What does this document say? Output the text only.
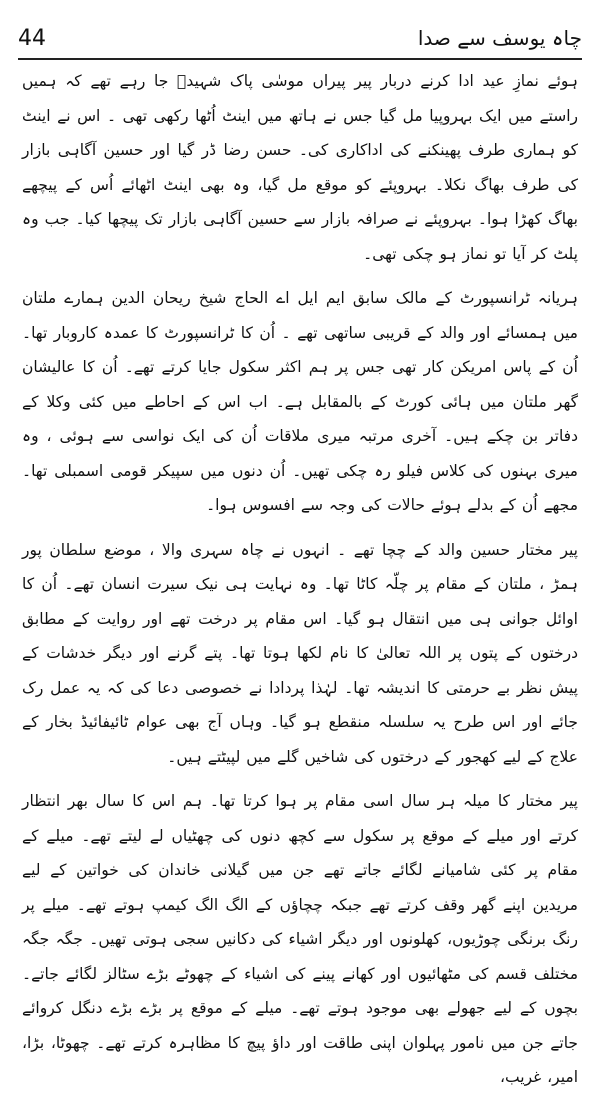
44	چاہ یوسف سے صدا

ہوئے نمازِ عید ادا کرنے دربار پیر پیراں موسٰی پاک شہیدؒ جا رہے تھے کہ ہمیں راستے میں ایک بہروپیا مل گیا جس نے ہاتھ میں اینٹ اُٹھا رکھی تھی ۔ اس نے اینٹ کو ہماری طرف پھینکنے کی اداکاری کی۔ حسن رضا ڈر گیا اور حسین آگاہی بازار کی طرف بھاگ نکلا۔ بہروپئے کو موقع مل گیا، وہ بھی اینٹ اٹھائے اُس کے پیچھے بھاگ کھڑا ہوا۔ بہروپئے نے صرافہ بازار سے حسین آگاہی بازار تک پیچھا کیا۔ جب وہ پلٹ کر آیا تو نماز ہو چکی تھی۔

ہریانہ ٹرانسپورٹ کے مالک سابق ایم ایل اے الحاج شیخ ریحان الدین ہمارے ملتان میں ہمسائے اور والد کے قریبی ساتھی تھے ۔ اُن کا ٹرانسپورٹ کا عمدہ کاروبار تھا۔ اُن کے پاس امریکن کار تھی جس پر ہم اکثر سکول جایا کرتے تھے۔ اُن کا عالیشان گھر ملتان میں ہائی کورٹ کے بالمقابل ہے۔ اب اس کے احاطے میں کئی وکلا کے دفاتر بن چکے ہیں۔ آخری مرتبہ میری ملاقات اُن کی ایک نواسی سے ہوئی ، وہ میری بہنوں کی کلاس فیلو رہ چکی تھیں۔ اُن دنوں میں سپیکر قومی اسمبلی تھا۔ مجھے اُن کے بدلے ہوئے حالات کی وجہ سے افسوس ہوا۔

پیر مختار حسین والد کے چچا تھے ۔ انہوں نے چاہ سہری والا ، موضع سلطان پور ہمڑ ، ملتان کے مقام پر چلّہ کاٹا تھا۔ وہ نہایت ہی نیک سیرت انسان تھے۔ اُن کا اوائل جوانی ہی میں انتقال ہو گیا۔ اس مقام پر درخت تھے اور روایت کے مطابق درختوں کے پتوں پر اللہ تعالیٰ کا نام لکھا ہوتا تھا۔ پتے گرنے اور دیگر خدشات کے پیش نظر بے حرمتی کا اندیشہ تھا۔ لہٰذا پردادا نے خصوصی دعا کی کہ یہ عمل رک جائے اور اس طرح یہ سلسلہ منقطع ہو گیا۔ وہاں آج بھی عوام ٹائیفائیڈ بخار کے علاج کے لیے کھجور کے درختوں کی شاخیں گلے میں لپیٹتے ہیں۔

پیر مختار کا میلہ ہر سال اسی مقام پر ہوا کرتا تھا۔ ہم اس کا سال بھر انتظار کرتے اور میلے کے موقع پر سکول سے کچھ دنوں کی چھٹیاں لے لیتے تھے۔ میلے کے مقام پر کئی شامیانے لگائے جاتے تھے جن میں گیلانی خاندان کی خواتین کے لیے مریدین اپنے گھر وقف کرتے تھے جبکہ چچاؤں کے الگ الگ کیمپ ہوتے تھے۔ میلے پر رنگ برنگی چوڑیوں، کھلونوں اور دیگر اشیاء کی دکانیں سجی ہوتی تھیں۔ جگہ جگہ مختلف قسم کی مٹھائیوں اور کھانے پینے کی اشیاء کے چھوٹے بڑے سٹالز لگائے جاتے۔ بچوں کے لیے جھولے بھی موجود ہوتے تھے۔ میلے کے موقع پر بڑے بڑے دنگل کروائے جاتے جن میں نامور پہلوان اپنی طاقت اور داؤ پیچ کا مظاہرہ کرتے تھے۔ چھوٹا، بڑا، امیر، غریب،
